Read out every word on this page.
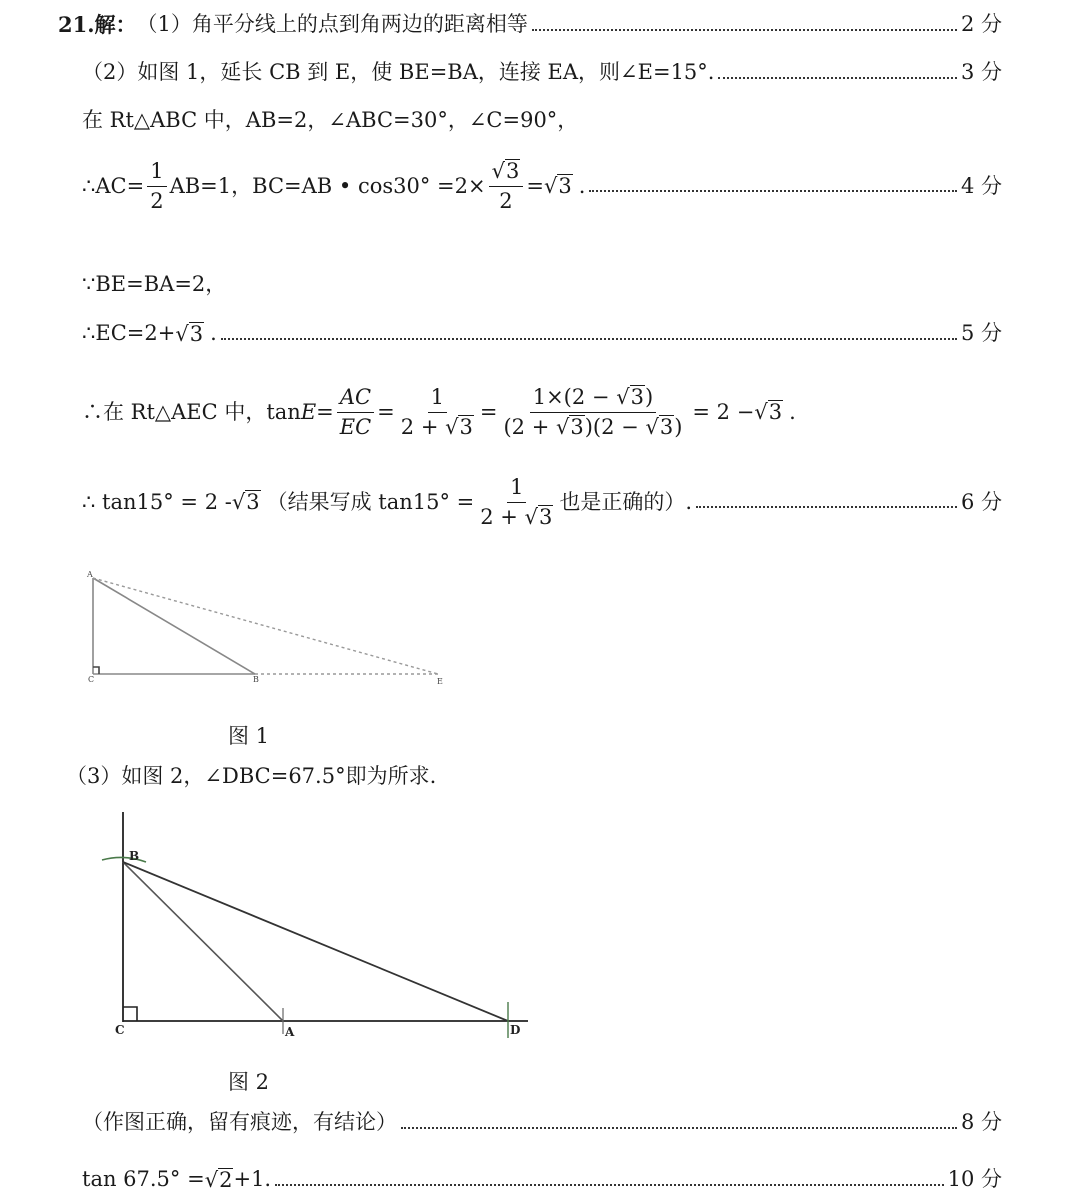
21. 解： （1）角平分线上的点到角两边的距离相等	2 分
（2）如图 1，延长 CB 到 E，使 BE=BA，连接 EA，则∠E=15°.	3 分
在 Rt△ABC 中，AB=2，∠ABC=30°，∠C=90°，
∴AC= $\frac{1}{2} AB=1$，BC=AB • $\cos 30^\circ =2\times \frac{√3}{2} = √3$ .	4 分
∵BE=BA=2，
∴EC=2+ √3 .	5 分
∴在 Rt△AEC 中， $\tan E = \frac{AC}{EC} = \frac{1}{2 + √3} = \frac{1\times(2 - √3)}{(2 + √3)(2 - √3)} = 2 - √3$ .
∴ tan15° = 2 - √3 （结果写成 $\tan 15^\circ = \frac{1}{2 + √3}$ 也是正确的）.	6 分
A
C	B	E
图 1
（3）如图 2，∠DBC=67.5°即为所求.
B
C	A	D
图 2
（作图正确，留有痕迹，有结论）	8 分
tan 67.5° = √2 +1.	10 分
